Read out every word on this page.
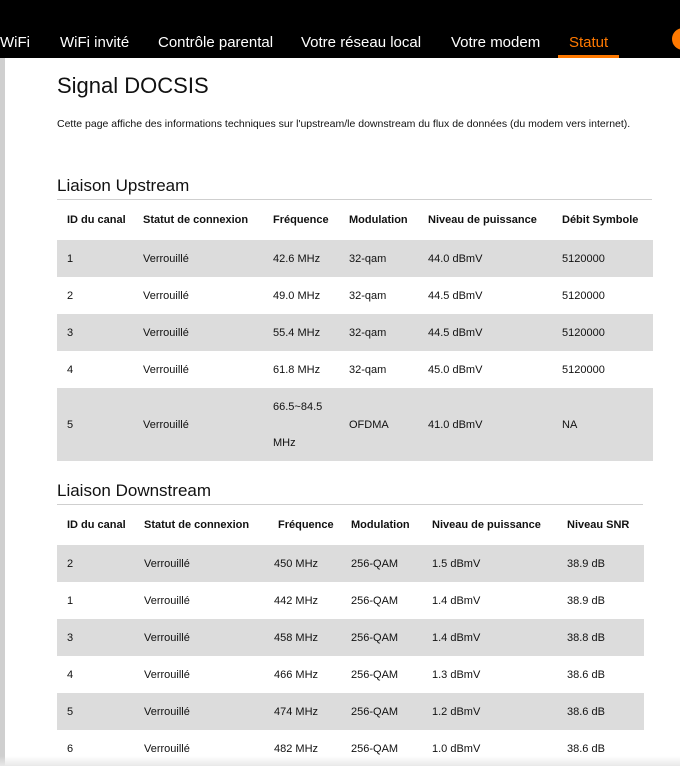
WiFi WiFi invité Contrôle parental Votre réseau local Votre modem Statut
Signal DOCSIS
Cette page affiche des informations techniques sur l'upstream/le downstream du flux de données (du modem vers internet).
Liaison Upstream
ID du canal	Statut de connexion	Fréquence	Modulation	Niveau de puissance	Débit Symbole
1	Verrouillé	42.6 MHz	32-qam	44.0 dBmV	5120000
2	Verrouillé	49.0 MHz	32-qam	44.5 dBmV	5120000
3	Verrouillé	55.4 MHz	32-qam	44.5 dBmV	5120000
4	Verrouillé	61.8 MHz	32-qam	45.0 dBmV	5120000
5	Verrouillé	66.5~84.5 MHz	OFDMA	41.0 dBmV	NA
Liaison Downstream
ID du canal	Statut de connexion	Fréquence	Modulation	Niveau de puissance	Niveau SNR
2	Verrouillé	450 MHz	256-QAM	1.5 dBmV	38.9 dB
1	Verrouillé	442 MHz	256-QAM	1.4 dBmV	38.9 dB
3	Verrouillé	458 MHz	256-QAM	1.4 dBmV	38.8 dB
4	Verrouillé	466 MHz	256-QAM	1.3 dBmV	38.6 dB
5	Verrouillé	474 MHz	256-QAM	1.2 dBmV	38.6 dB
6	Verrouillé	482 MHz	256-QAM	1.0 dBmV	38.6 dB
